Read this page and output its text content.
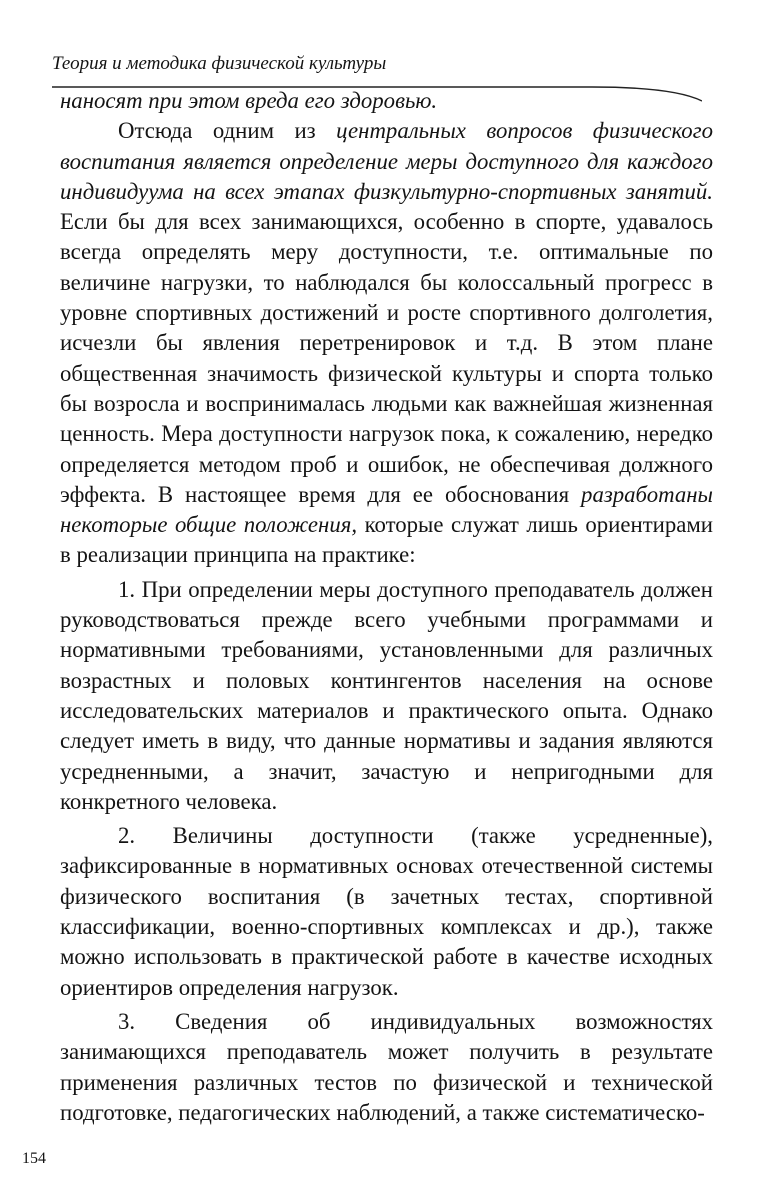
Теория и методика физической культуры

наносят при этом вреда его здоровью.

Отсюда одним из центральных вопросов физического воспитания является определение меры доступного для каждого индивидуума на всех этапах физкультурно-спортивных занятий. Если бы для всех занимающихся, особенно в спорте, удавалось всегда определять меру доступности, т.е. оптимальные по величине нагрузки, то наблюдался бы колоссальный прогресс в уровне спортивных достижений и росте спортивного долголетия, исчезли бы явления перетренировок и т.д. В этом плане общественная значимость физической культуры и спорта только бы возросла и воспринималась людьми как важнейшая жизненная ценность. Мера доступности нагрузок пока, к сожалению, нередко определяется методом проб и ошибок, не обеспечивая должного эффекта. В настоящее время для ее обоснования разработаны некоторые общие положения, которые служат лишь ориентирами в реализации принципа на практике:

1. При определении меры доступного преподаватель должен руководствоваться прежде всего учебными программами и нормативными требованиями, установленными для различных возрастных и половых контингентов населения на основе исследовательских материалов и практического опыта. Однако следует иметь в виду, что данные нормативы и задания являются усредненными, а значит, зачастую и непригодными для конкретного человека.

2. Величины доступности (также усредненные), зафиксированные в нормативных основах отечественной системы физического воспитания (в зачетных тестах, спортивной классификации, военно-спортивных комплексах и др.), также можно использовать в практической работе в качестве исходных ориентиров определения нагрузок.

3. Сведения об индивидуальных возможностях занимающихся преподаватель может получить в результате применения различных тестов по физической и технической подготовке, педагогических наблюдений, а также систематическо-

154
